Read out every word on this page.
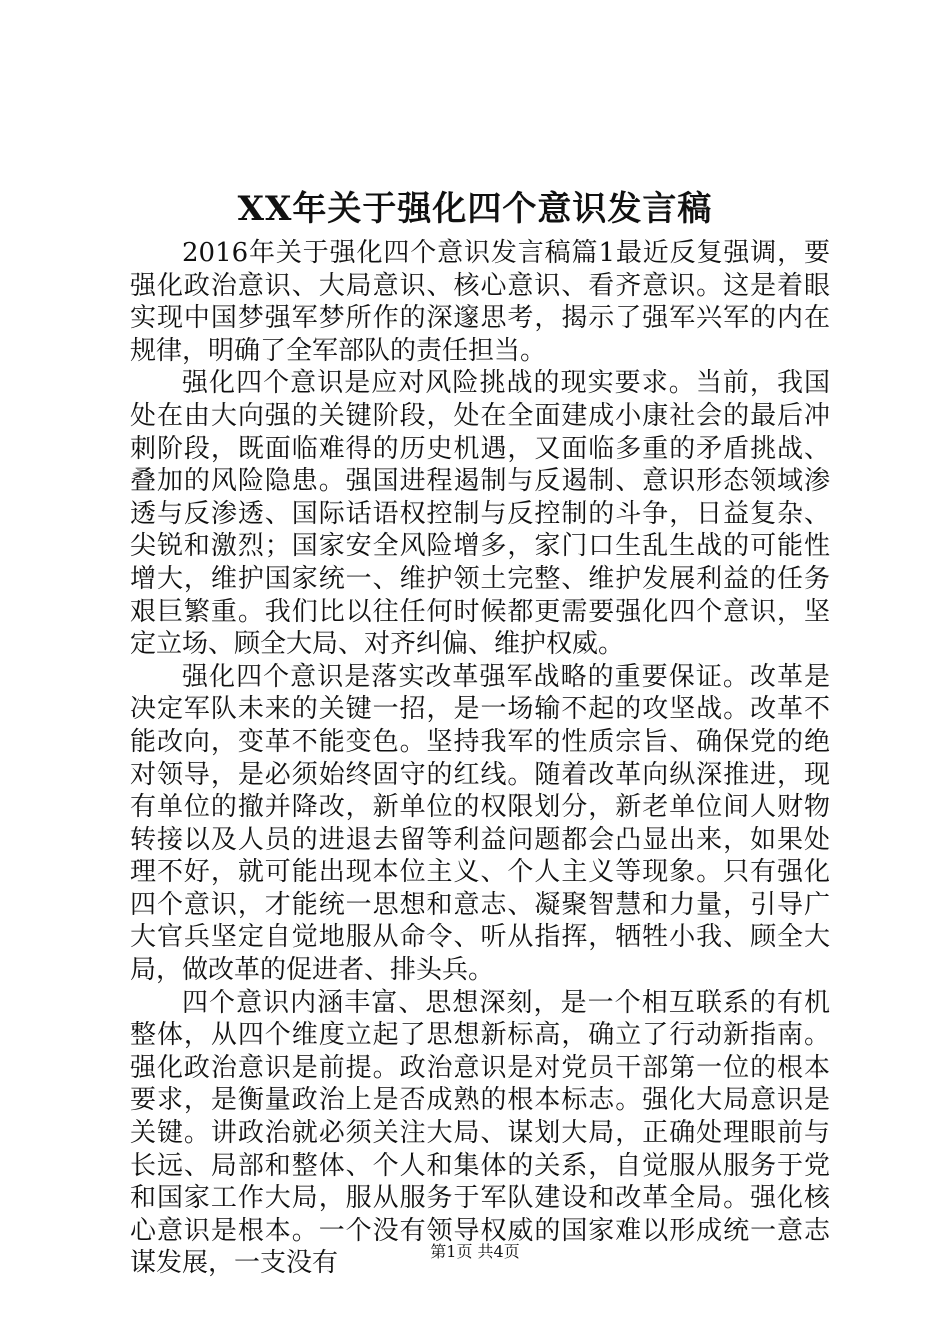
XX年关于强化四个意识发言稿

2016年关于强化四个意识发言稿篇1最近反复强调，要强化政治意识、大局意识、核心意识、看齐意识。这是着眼实现中国梦强军梦所作的深邃思考，揭示了强军兴军的内在规律，明确了全军部队的责任担当。

强化四个意识是应对风险挑战的现实要求。当前，我国处在由大向强的关键阶段，处在全面建成小康社会的最后冲刺阶段，既面临难得的历史机遇，又面临多重的矛盾挑战、叠加的风险隐患。强国进程遏制与反遏制、意识形态领域渗透与反渗透、国际话语权控制与反控制的斗争，日益复杂、尖锐和激烈；国家安全风险增多，家门口生乱生战的可能性增大，维护国家统一、维护领土完整、维护发展利益的任务艰巨繁重。我们比以往任何时候都更需要强化四个意识，坚定立场、顾全大局、对齐纠偏、维护权威。

强化四个意识是落实改革强军战略的重要保证。改革是决定军队未来的关键一招，是一场输不起的攻坚战。改革不能改向，变革不能变色。坚持我军的性质宗旨、确保党的绝对领导，是必须始终固守的红线。随着改革向纵深推进，现有单位的撤并降改，新单位的权限划分，新老单位间人财物转接以及人员的进退去留等利益问题都会凸显出来，如果处理不好，就可能出现本位主义、个人主义等现象。只有强化四个意识，才能统一思想和意志、凝聚智慧和力量，引导广大官兵坚定自觉地服从命令、听从指挥，牺牲小我、顾全大局，做改革的促进者、排头兵。

四个意识内涵丰富、思想深刻，是一个相互联系的有机整体，从四个维度立起了思想新标高，确立了行动新指南。强化政治意识是前提。政治意识是对党员干部第一位的根本要求，是衡量政治上是否成熟的根本标志。强化大局意识是关键。讲政治就必须关注大局、谋划大局，正确处理眼前与长远、局部和整体、个人和集体的关系，自觉服从服务于党和国家工作大局，服从服务于军队建设和改革全局。强化核心意识是根本。一个没有领导权威的国家难以形成统一意志谋发展，一支没有	第1页 共4页
